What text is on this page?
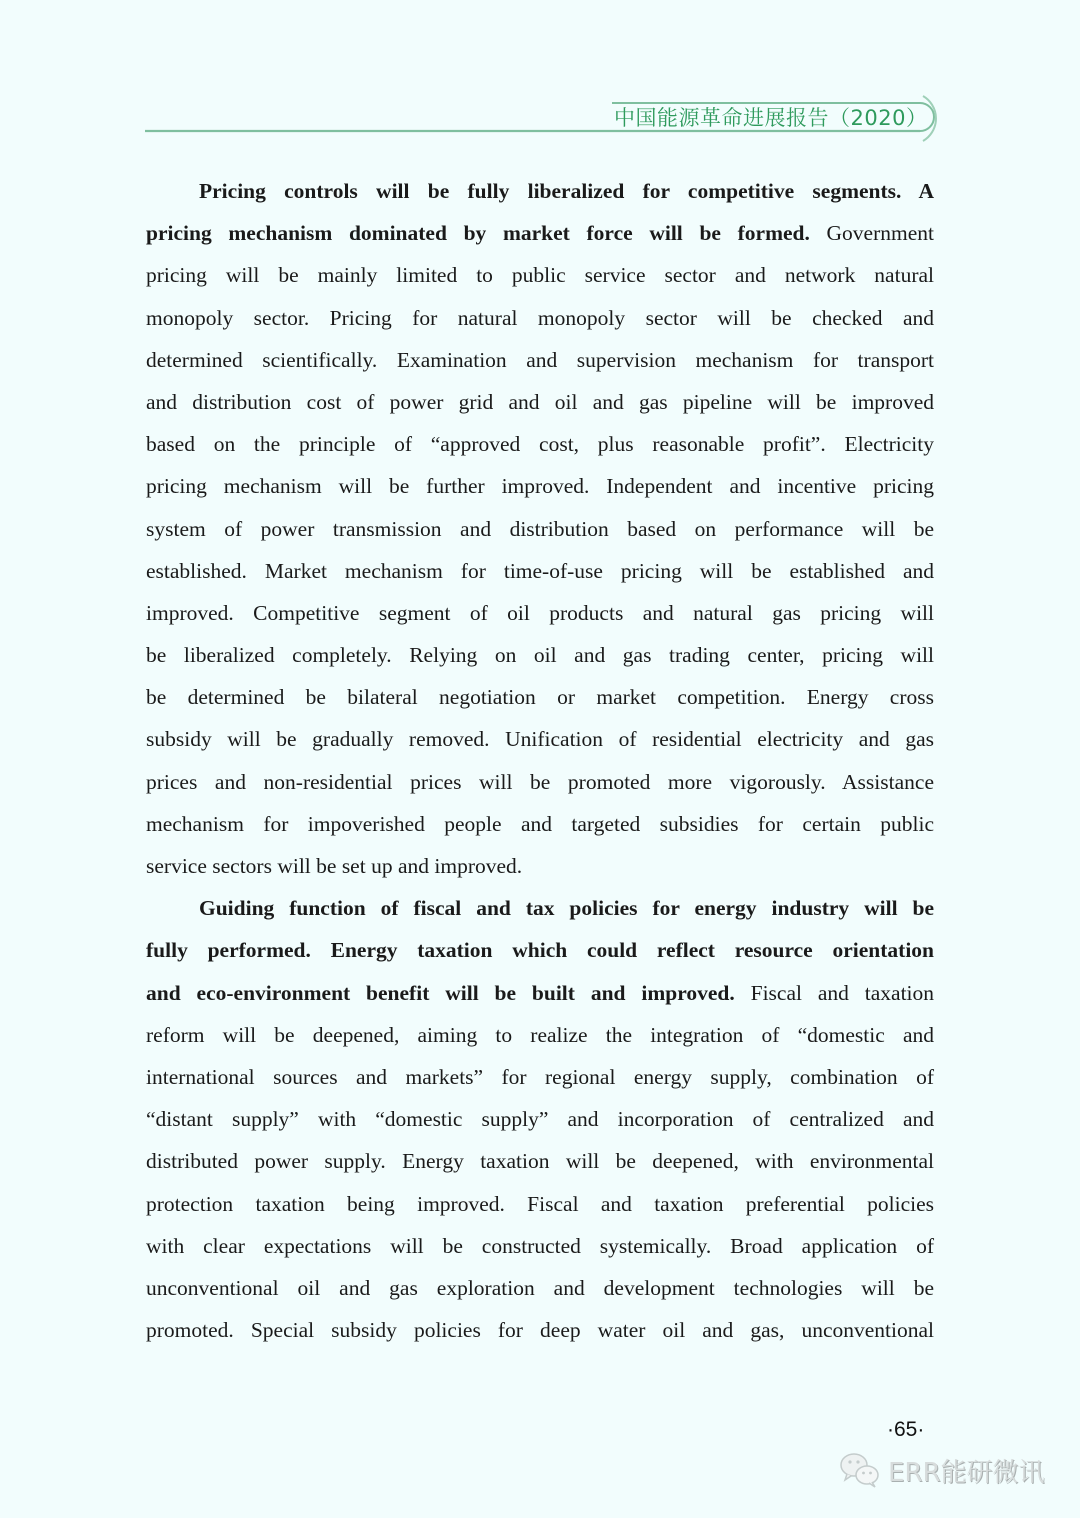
中国能源革命进展报告（2020）
Pricing controls will be fully liberalized for competitive segments. A
pricing mechanism dominated by market force will be formed. Government
pricing will be mainly limited to public service sector and network natural
monopoly sector. Pricing for natural monopoly sector will be checked and
determined scientifically. Examination and supervision mechanism for transport
and distribution cost of power grid and oil and gas pipeline will be improved
based on the principle of “approved cost, plus reasonable profit”. Electricity
pricing mechanism will be further improved. Independent and incentive pricing
system of power transmission and distribution based on performance will be
established. Market mechanism for time-of-use pricing will be established and
improved. Competitive segment of oil products and natural gas pricing will
be liberalized completely. Relying on oil and gas trading center, pricing will
be determined be bilateral negotiation or market competition. Energy cross
subsidy will be gradually removed. Unification of residential electricity and gas
prices and non-residential prices will be promoted more vigorously. Assistance
mechanism for impoverished people and targeted subsidies for certain public
service sectors will be set up and improved.
Guiding function of fiscal and tax policies for energy industry will be
fully performed. Energy taxation which could reflect resource orientation
and eco-environment benefit will be built and improved. Fiscal and taxation
reform will be deepened, aiming to realize the integration of “domestic and
international sources and markets” for regional energy supply, combination of
“distant supply” with “domestic supply” and incorporation of centralized and
distributed power supply. Energy taxation will be deepened, with environmental
protection taxation being improved. Fiscal and taxation preferential policies
with clear expectations will be constructed systemically. Broad application of
unconventional oil and gas exploration and development technologies will be
promoted. Special subsidy policies for deep water oil and gas, unconventional
·65·
ERR能研微讯
